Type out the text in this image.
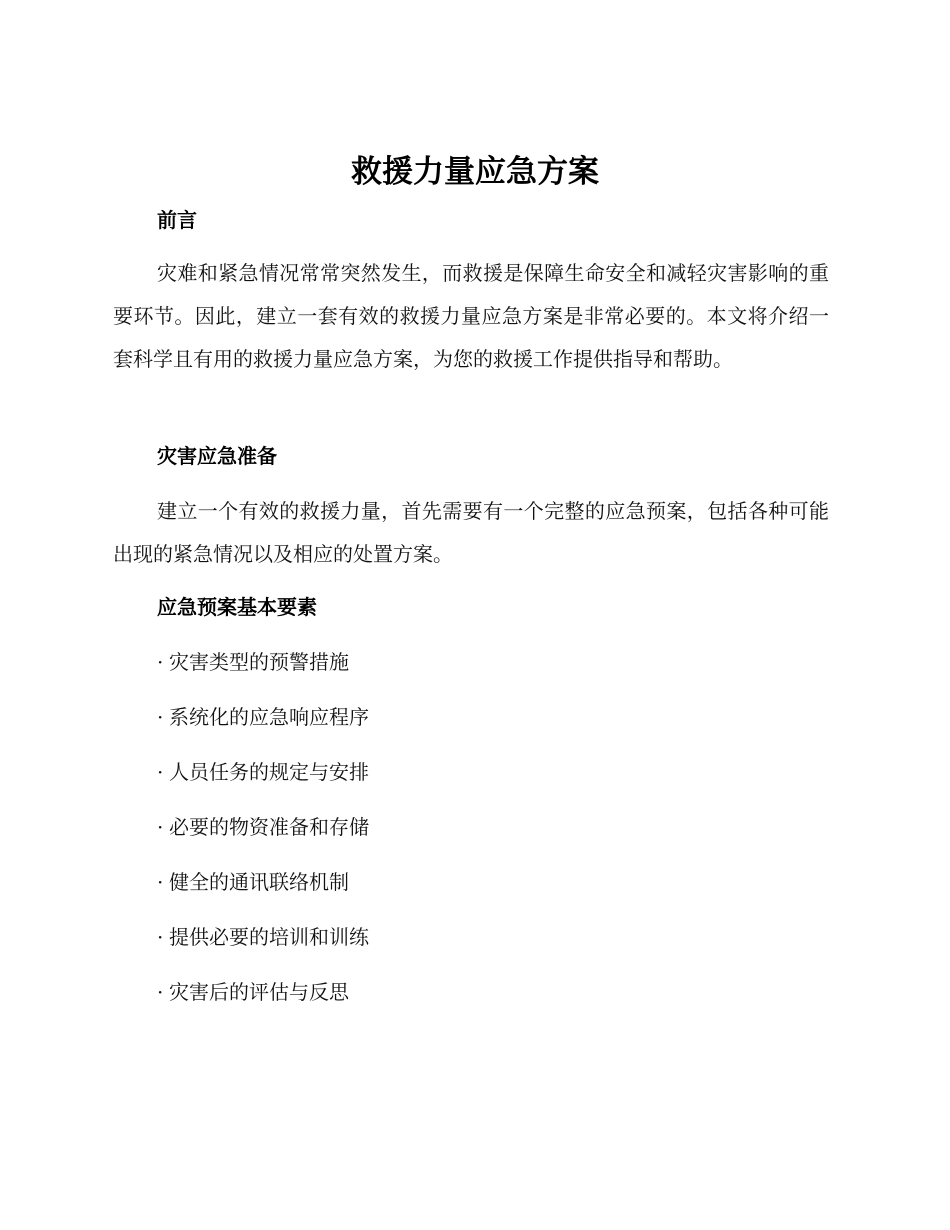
救援力量应急方案
前言

灾难和紧急情况常常突然发生，而救援是保障生命安全和减轻灾害影响的重要环节。因此，建立一套有效的救援力量应急方案是非常必要的。本文将介绍一套科学且有用的救援力量应急方案，为您的救援工作提供指导和帮助。

灾害应急准备

建立一个有效的救援力量，首先需要有一个完整的应急预案，包括各种可能出现的紧急情况以及相应的处置方案。

应急预案基本要素
· 灾害类型的预警措施
· 系统化的应急响应程序
· 人员任务的规定与安排
· 必要的物资准备和存储
· 健全的通讯联络机制
· 提供必要的培训和训练
· 灾害后的评估与反思
